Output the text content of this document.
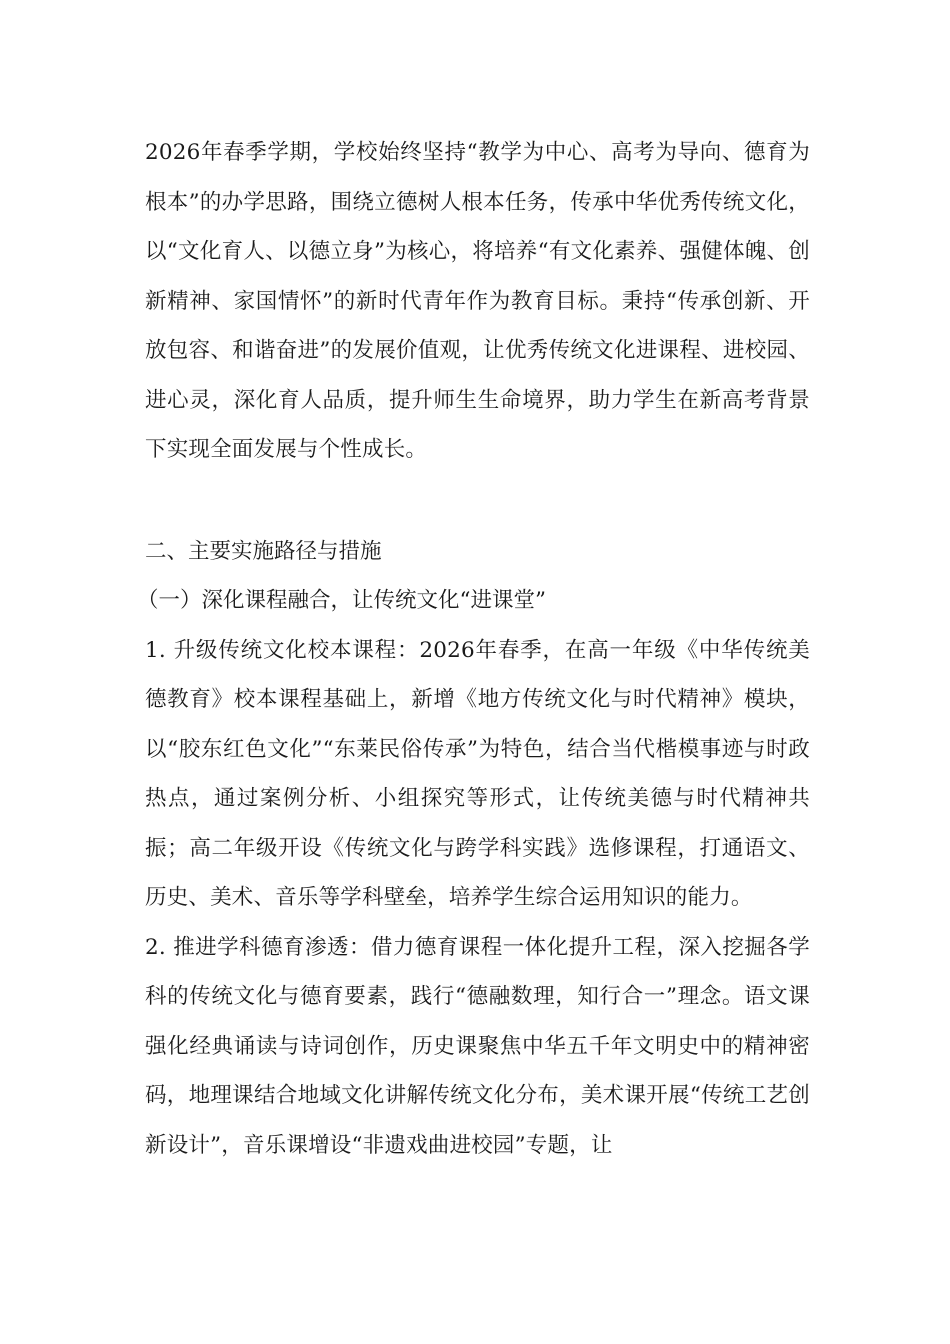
2026年春季学期，学校始终坚持“教学为中心、高考为导向、德育为根本”的办学思路，围绕立德树人根本任务，传承中华优秀传统文化，以“文化育人、以德立身”为核心，将培养“有文化素养、强健体魄、创新精神、家国情怀”的新时代青年作为教育目标。秉持“传承创新、开放包容、和谐奋进”的发展价值观，让优秀传统文化进课程、进校园、进心灵，深化育人品质，提升师生生命境界，助力学生在新高考背景下实现全面发展与个性成长。

二、主要实施路径与措施

（一）深化课程融合，让传统文化“进课堂”

1. 升级传统文化校本课程：2026年春季，在高一年级《中华传统美德教育》校本课程基础上，新增《地方传统文化与时代精神》模块，以“胶东红色文化”“东莱民俗传承”为特色，结合当代楷模事迹与时政热点，通过案例分析、小组探究等形式，让传统美德与时代精神共振；高二年级开设《传统文化与跨学科实践》选修课程，打通语文、历史、美术、音乐等学科壁垒，培养学生综合运用知识的能力。

2. 推进学科德育渗透：借力德育课程一体化提升工程，深入挖掘各学科的传统文化与德育要素，践行“德融数理，知行合一”理念。语文课强化经典诵读与诗词创作，历史课聚焦中华五千年文明史中的精神密码，地理课结合地域文化讲解传统文化分布，美术课开展“传统工艺创新设计”，音乐课增设“非遗戏曲进校园”专题，让
